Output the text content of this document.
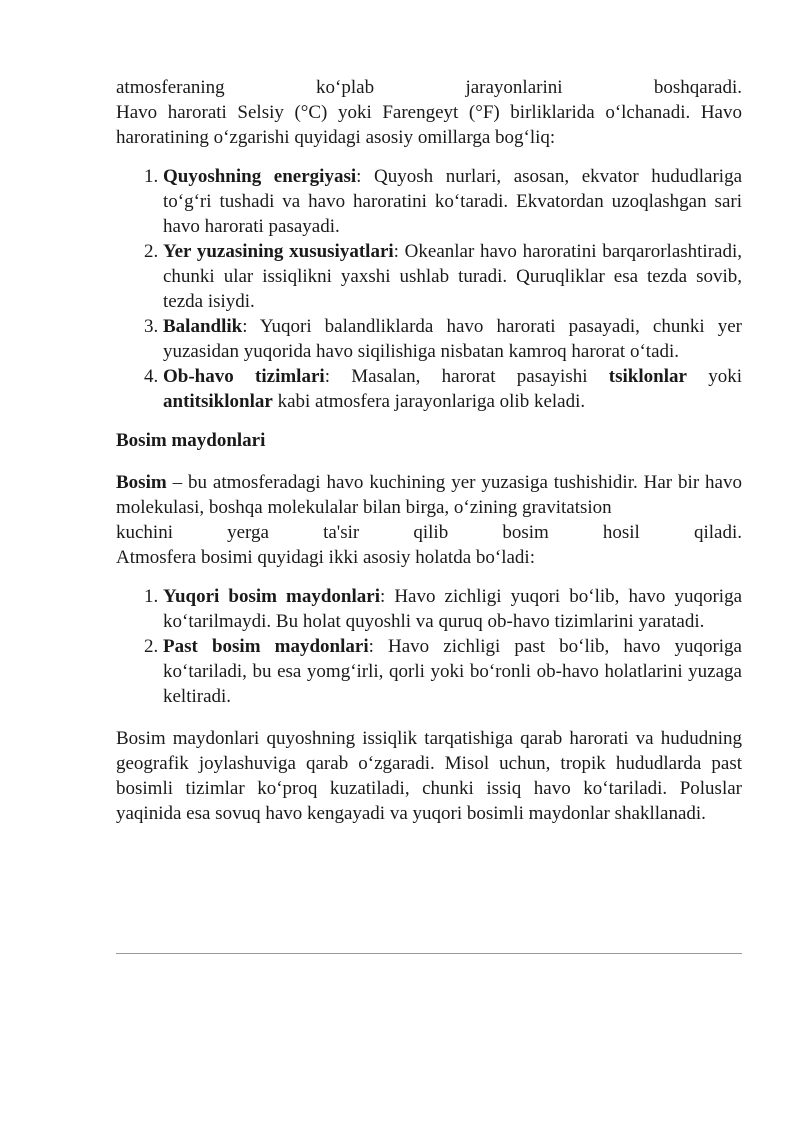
atmosferaning ko‘plab jarayonlarini boshqaradi.
Havo harorati Selsiy (°C) yoki Farengeyt (°F) birliklarida o‘lchanadi. Havo haroratining o‘zgarishi quyidagi asosiy omillarga bog‘liq:

1. Quyoshning energiyasi: Quyosh nurlari, asosan, ekvator hududlariga to‘g‘ri tushadi va havo haroratini ko‘taradi. Ekvatordan uzoqlashgan sari havo harorati pasayadi.
2. Yer yuzasining xususiyatlari: Okeanlar havo haroratini barqarorlashtiradi, chunki ular issiqlikni yaxshi ushlab turadi. Quruqliklar esa tezda sovib, tezda isiydi.
3. Balandlik: Yuqori balandliklarda havo harorati pasayadi, chunki yer yuzasidan yuqorida havo siqilishiga nisbatan kamroq harorat o‘tadi.
4. Ob-havo tizimlari: Masalan, harorat pasayishi tsiklonlar yoki antitsiklonlar kabi atmosfera jarayonlariga olib keladi.
Bosim maydonlari

Bosim – bu atmosferadagi havo kuchining yer yuzasiga tushishidir. Har bir havo molekulasi, boshqa molekulalar bilan birga, o‘zining gravitatsion
kuchini yerga ta'sir qilib bosim hosil qiladi.
Atmosfera bosimi quyidagi ikki asosiy holatda bo‘ladi:

1. Yuqori bosim maydonlari: Havo zichligi yuqori bo‘lib, havo yuqoriga ko‘tarilmaydi. Bu holat quyoshli va quruq ob-havo tizimlarini yaratadi.
2. Past bosim maydonlari: Havo zichligi past bo‘lib, havo yuqoriga ko‘tariladi, bu esa yomg‘irli, qorli yoki bo‘ronli ob-havo holatlarini yuzaga keltiradi.

Bosim maydonlari quyoshning issiqlik tarqatishiga qarab harorati va hududning geografik joylashuviga qarab o‘zgaradi. Misol uchun, tropik hududlarda past bosimli tizimlar ko‘proq kuzatiladi, chunki issiq havo ko‘tariladi. Poluslar yaqinida esa sovuq havo kengayadi va yuqori bosimli maydonlar shakllanadi.
